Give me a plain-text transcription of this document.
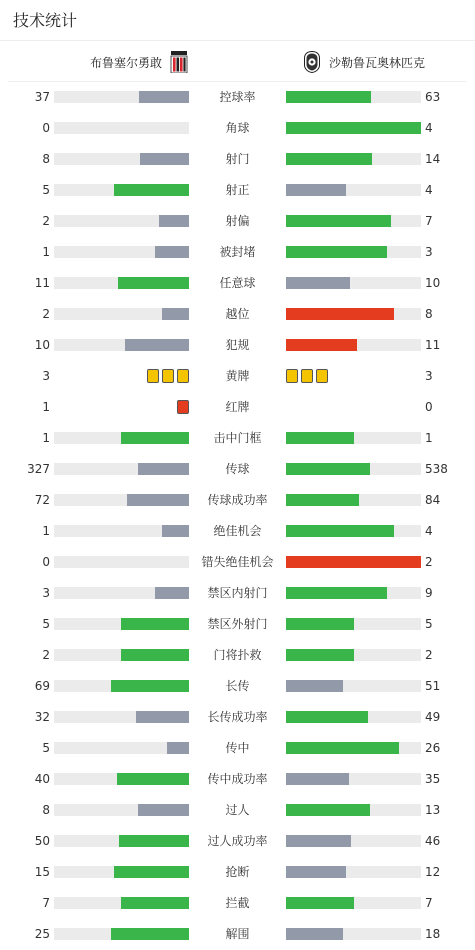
技术统计
布鲁塞尔勇敢	沙勒鲁瓦奥林匹克
37	控球率	63
0	角球	4
8	射门	14
5	射正	4
2	射偏	7
1	被封堵	3
11	任意球	10
2	越位	8
10	犯规	11
3	黄牌	3
1	红牌	0
1	击中门框	1
327	传球	538
72	传球成功率	84
1	绝佳机会	4
0	错失绝佳机会	2
3	禁区内射门	9
5	禁区外射门	5
2	门将扑救	2
69	长传	51
32	长传成功率	49
5	传中	26
40	传中成功率	35
8	过人	13
50	过人成功率	46
15	抢断	12
7	拦截	7
25	解围	18
